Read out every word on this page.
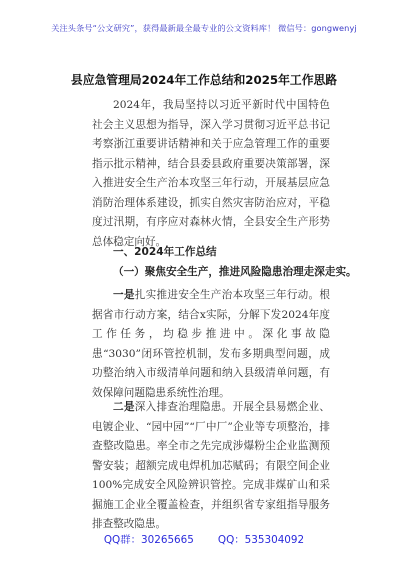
关注头条号“公文研究”，获得最新最全最专业的公文资料库！ 微信号：gongwenyj
县应急管理局2024年工作总结和2025年工作思路

2024年，我局坚持以习近平新时代中国特色社会主义思想为指导，深入学习贯彻习近平总书记考察浙江重要讲话精神和关于应急管理工作的重要指示批示精神，结合县委县政府重要决策部署，深入推进安全生产治本攻坚三年行动，开展基层应急消防治理体系建设，抓实自然灾害防治应对，平稳度过汛期，有序应对森林火情，全县安全生产形势总体稳定向好。

一、2024年工作总结

（一）聚焦安全生产，推进风险隐患治理走深走实。

一是扎实推进安全生产治本攻坚三年行动。根据省市行动方案，结合x实际，分解下发2024年度工作任务，均稳步推进中。深化事故隐患“3030”闭环管控机制，发布多期典型问题，成功整治纳入市级清单问题和纳入县级清单问题，有效保障问题隐患系统性治理。

二是深入排查治理隐患。开展全县易燃企业、电镀企业、“园中园”“厂中厂”企业等专项整治，排查整改隐患。率全市之先完成涉爆粉尘企业监测预警安装；超额完成电焊机加芯赋码；有限空间企业100%完成安全风险辨识管控。完成非煤矿山和采掘施工企业全覆盖检查，并组织省专家组指导服务排查整改隐患。

QQ群：30265665 QQ：535304092
